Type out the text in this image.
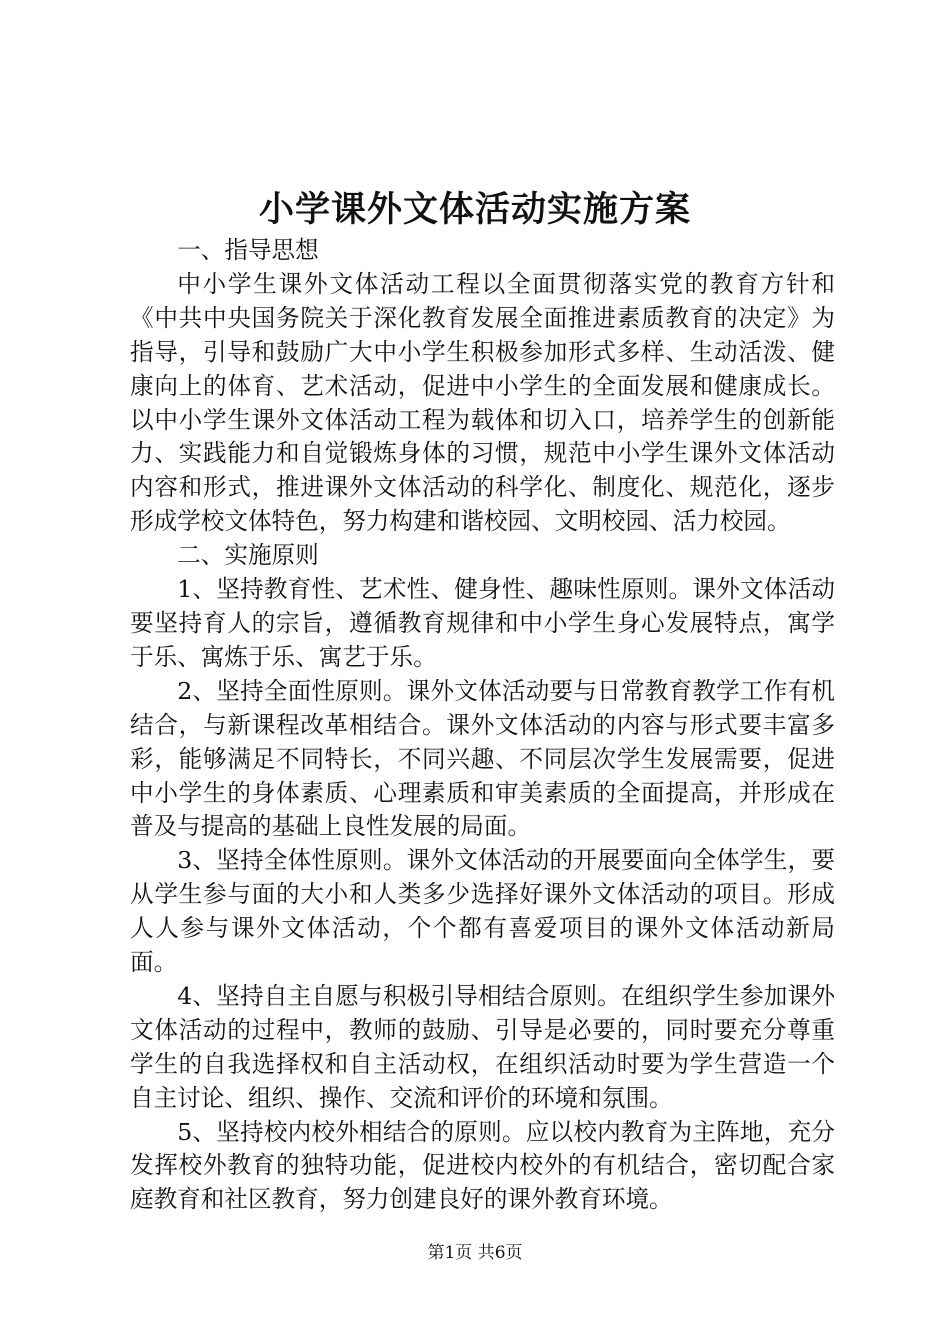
小学课外文体活动实施方案

一、指导思想

中小学生课外文体活动工程以全面贯彻落实党的教育方针和《中共中央国务院关于深化教育发展全面推进素质教育的决定》为指导，引导和鼓励广大中小学生积极参加形式多样、生动活泼、健康向上的体育、艺术活动，促进中小学生的全面发展和健康成长。以中小学生课外文体活动工程为载体和切入口，培养学生的创新能力、实践能力和自觉锻炼身体的习惯，规范中小学生课外文体活动内容和形式，推进课外文体活动的科学化、制度化、规范化，逐步形成学校文体特色，努力构建和谐校园、文明校园、活力校园。

二、实施原则

1、坚持教育性、艺术性、健身性、趣味性原则。课外文体活动要坚持育人的宗旨，遵循教育规律和中小学生身心发展特点，寓学于乐、寓炼于乐、寓艺于乐。

2、坚持全面性原则。课外文体活动要与日常教育教学工作有机结合，与新课程改革相结合。课外文体活动的内容与形式要丰富多彩，能够满足不同特长，不同兴趣、不同层次学生发展需要，促进中小学生的身体素质、心理素质和审美素质的全面提高，并形成在普及与提高的基础上良性发展的局面。

3、坚持全体性原则。课外文体活动的开展要面向全体学生，要从学生参与面的大小和人类多少选择好课外文体活动的项目。形成人人参与课外文体活动，个个都有喜爱项目的课外文体活动新局面。

4、坚持自主自愿与积极引导相结合原则。在组织学生参加课外文体活动的过程中，教师的鼓励、引导是必要的，同时要充分尊重学生的自我选择权和自主活动权，在组织活动时要为学生营造一个自主讨论、组织、操作、交流和评价的环境和氛围。

5、坚持校内校外相结合的原则。应以校内教育为主阵地，充分发挥校外教育的独特功能，促进校内校外的有机结合，密切配合家庭教育和社区教育，努力创建良好的课外教育环境。

第1页 共6页
